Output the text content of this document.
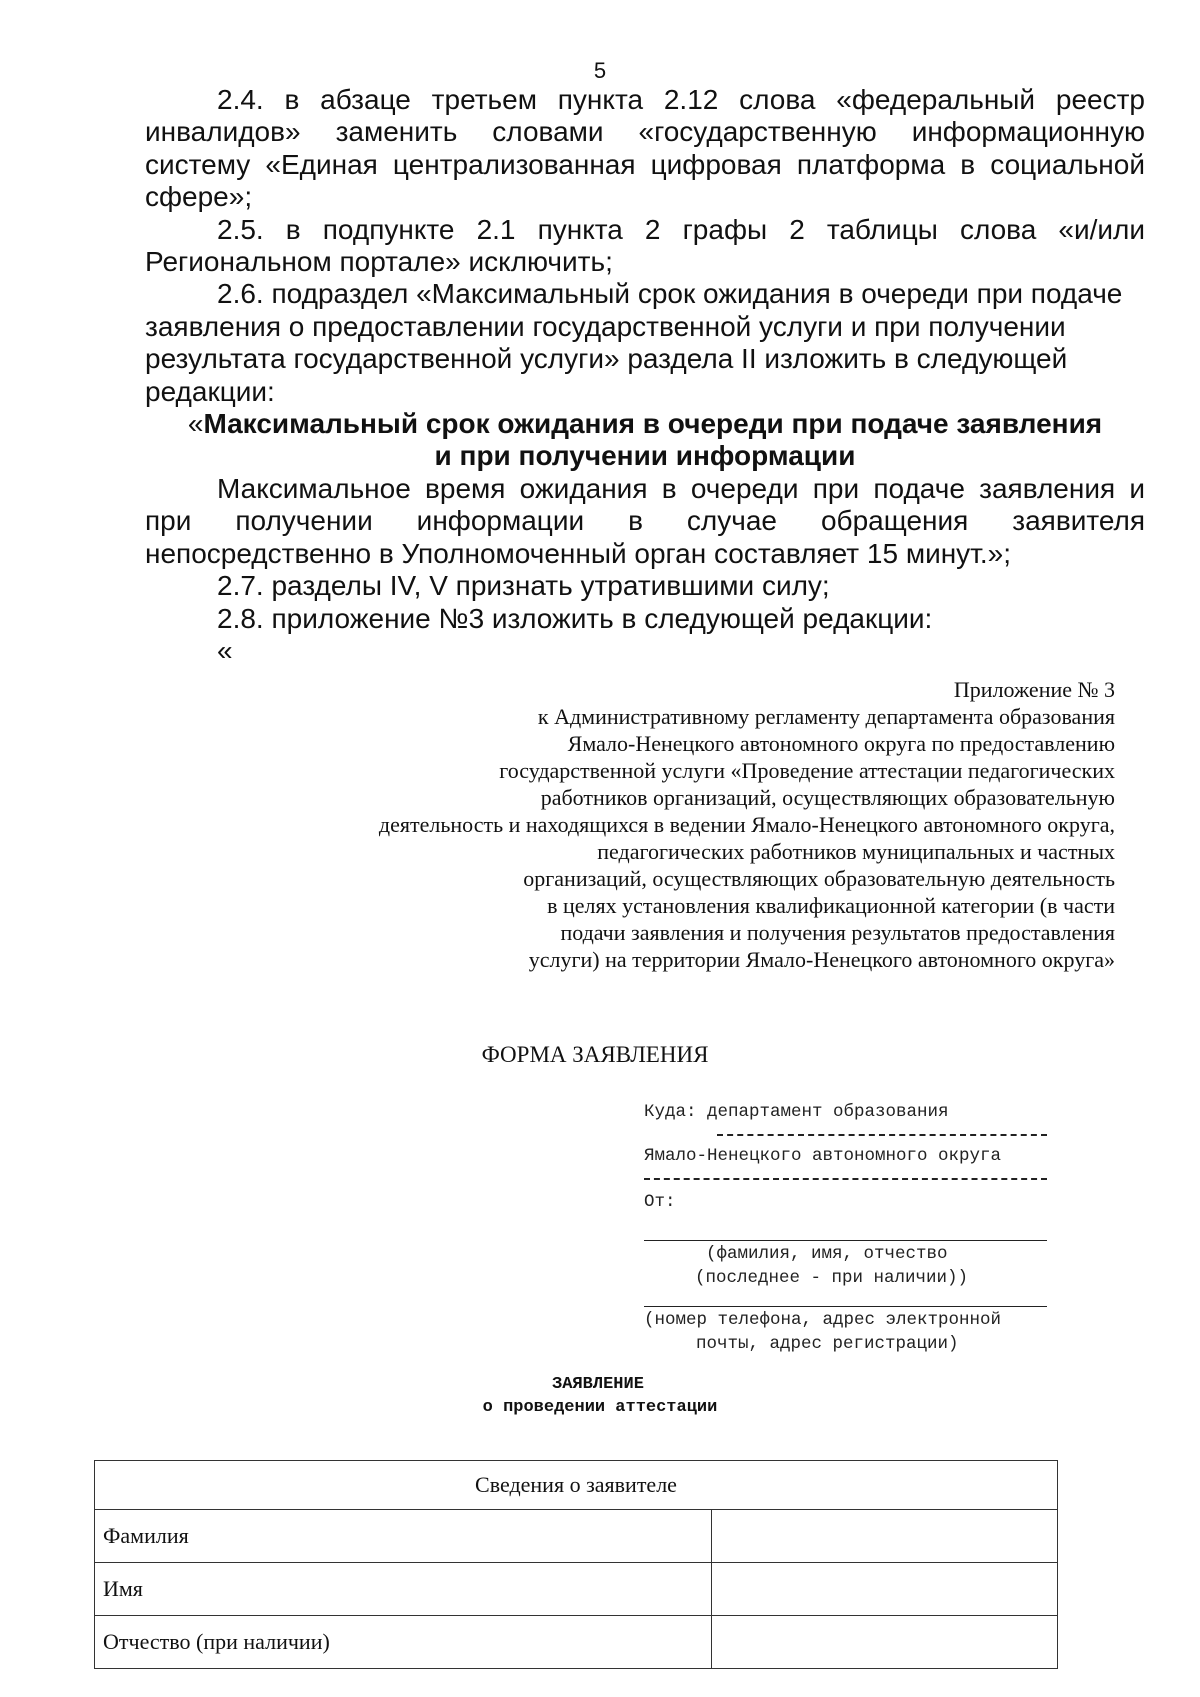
5

2.4. в абзаце третьем пункта 2.12 слова «федеральный реестр инвалидов» заменить словами «государственную информационную систему «Единая централизованная цифровая платформа в социальной сфере»;

2.5. в подпункте 2.1 пункта 2 графы 2 таблицы слова «и/или Региональном портале» исключить;

2.6. подраздел «Максимальный срок ожидания в очереди при подаче заявления о предоставлении государственной услуги и при получении результата государственной услуги» раздела II изложить в следующей редакции:

«Максимальный срок ожидания в очереди при подаче заявления
и при получении информации

Максимальное время ожидания в очереди при подаче заявления и при получении информации в случае обращения заявителя непосредственно в Уполномоченный орган составляет 15 минут.»;

2.7. разделы IV, V признать утратившими силу;

2.8. приложение №3 изложить в следующей редакции:

«

Приложение № 3
к Административному регламенту департамента образования
Ямало-Ненецкого автономного округа по предоставлению
государственной услуги «Проведение аттестации педагогических
работников организаций, осуществляющих образовательную
деятельность и находящихся в ведении Ямало-Ненецкого автономного округа,
педагогических работников муниципальных и частных
организаций, осуществляющих образовательную деятельность
в целях установления квалификационной категории (в части
подачи заявления и получения результатов предоставления
услуги) на территории Ямало-Ненецкого автономного округа»
ФОРМА ЗАЯВЛЕНИЯ
Куда: департамент образования
Ямало-Ненецкого автономного округа
От:
(фамилия, имя, отчество
(последнее - при наличии))
(номер телефона, адрес электронной
почты, адрес регистрации)
ЗАЯВЛЕНИЕ
о проведении аттестации
Сведения о заявителе	
Фамилия	
Имя	
Отчество (при наличии)	
